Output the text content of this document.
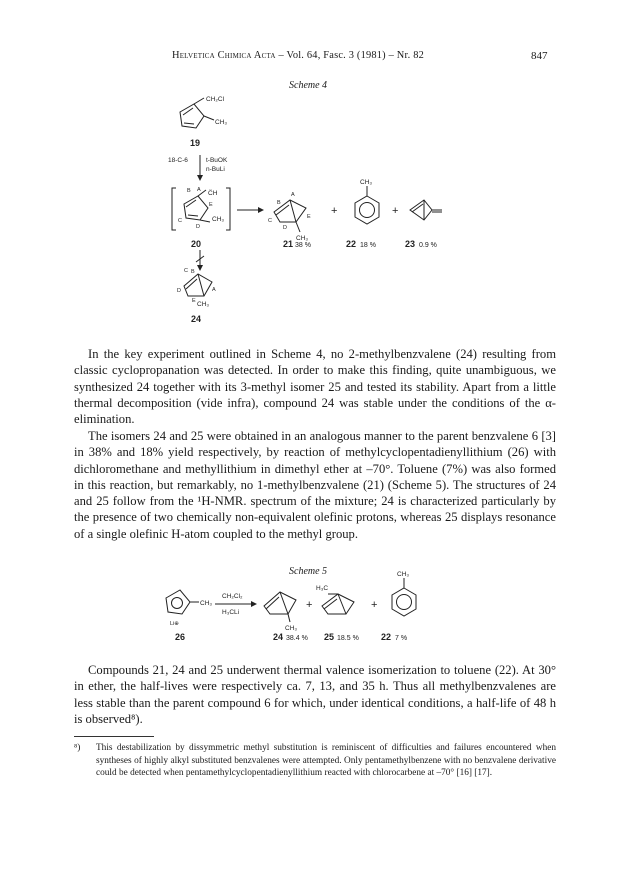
Helvetica Chimica Acta – Vol. 64, Fasc. 3 (1981) – Nr. 82	847
Scheme 4
CH₂Cl
CH₃
19
18-C-6	t-BuOK
n-BuLi
C̈H
CH₃
B A
E
C
D
20
B
A
C
D
E
CH₃
21 38 %
+
CH₃
22 18 %
+
23 0.9 %
B
C
D
E
A
CH₃
24

In the key experiment outlined in Scheme 4, no 2-methylbenzvalene (24) resulting from classic cyclopropanation was detected. In order to make this finding, quite unambiguous, we synthesized 24 together with its 3-methyl isomer 25 and tested its stability. Apart from a little thermal decomposition (vide infra), compound 24 was stable under the conditions of the α-elimination.

The isomers 24 and 25 were obtained in an analogous manner to the parent benzvalene 6 [3] in 38% and 18% yield respectively, by reaction of methylcyclopentadienyllithium (26) with dichloromethane and methyllithium in dimethyl ether at –70°. Toluene (7%) was also formed in this reaction, but remarkably, no 1-methylbenzvalene (21) (Scheme 5). The structures of 24 and 25 follow from the ¹H-NMR. spectrum of the mixture; 24 is characterized particularly by the presence of two chemically non-equivalent olefinic protons, whereas 25 displays resonance of a single olefinic H-atom coupled to the methyl group.

Scheme 5
CH₃
Li⊕
26
CH₂Cl₂
H₃CLi
CH₃
+
H₃C
+
CH₃
24 38.4 % 25 18.5 % 22 7 %

Compounds 21, 24 and 25 underwent thermal valence isomerization to toluene (22). At 30° in ether, the half-lives were respectively ca. 7, 13, and 35 h. Thus all methylbenzvalenes are less stable than the parent compound 6 for which, under identical conditions, a half-life of 48 h is observed⁸).

⁸)	This destabilization by dissymmetric methyl substitution is reminiscent of difficulties and failures encountered when syntheses of highly alkyl substituted benzvalenes were attempted. Only pentamethylbenzene with no benzvalene derivative could be detected when pentamethylcyclopentadienyllithium reacted with chlorocarbene at –70° [16] [17].
